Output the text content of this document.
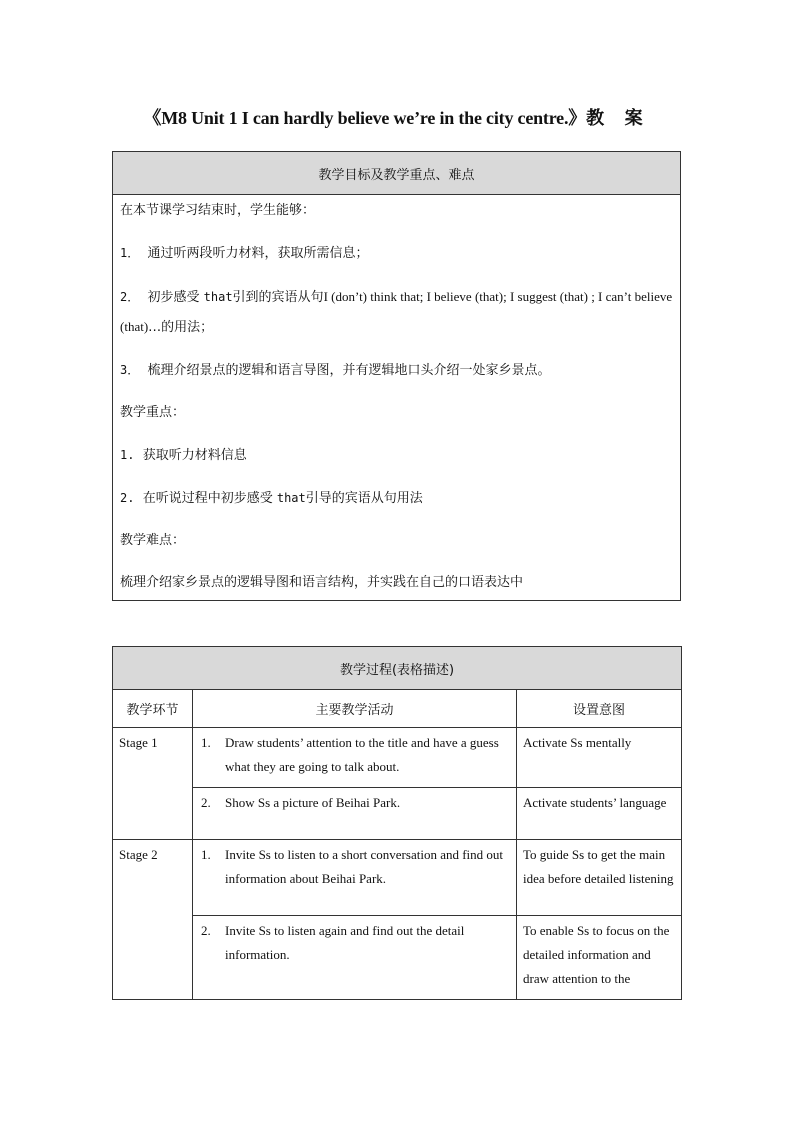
《M8 Unit 1 I can hardly believe we’re in the city centre.》教 案
教学目标及教学重点、难点

在本节课学习结束时，学生能够：
1． 通过听两段听力材料，获取所需信息；
2． 初步感受 that引到的宾语从句I (don’t) think that; I believe (that); I suggest (that) ; I can’t believe (that)…的用法；
3． 梳理介绍景点的逻辑和语言导图，并有逻辑地口头介绍一处家乡景点。
教学重点：
1. 获取听力材料信息
2. 在听说过程中初步感受 that引导的宾语从句用法
教学难点：
梳理介绍家乡景点的逻辑导图和语言结构，并实践在自己的口语表达中
教学过程(表格描述)		
教学环节	主要教学活动	设置意图
Stage 1	1. Draw students’ attention to the title and have a guess what they are going to talk about.	Activate Ss mentally

	2. Show Ss a picture of Beihai Park.	Activate students’ language
Stage 2	1. Invite Ss to listen to a short conversation and find out information about Beihai Park.	To guide Ss to get the main idea before detailed listening

	2. Invite Ss to listen again and find out the detail information.	To enable Ss to focus on the detailed information and draw attention to the
